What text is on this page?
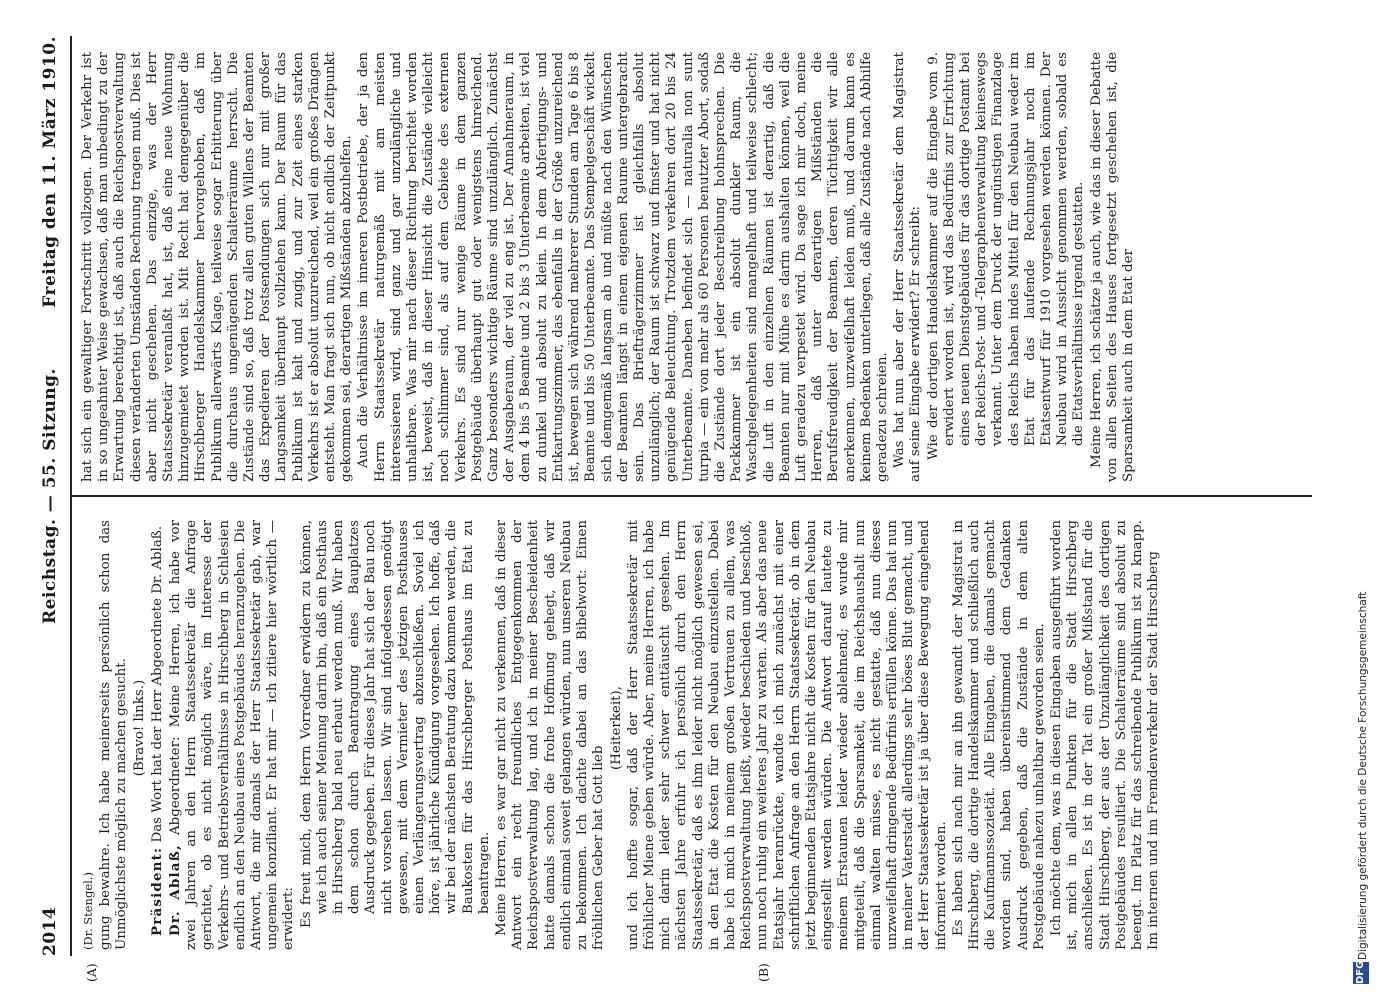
2014
Reichstag. — 55. Sitzung.
Freitag den 11. März 1910.
(A)	(B)
(Dr. Stengel.) gung bewahre. Ich habe meinerseits persönlich schon das Unmöglichste möglich zu machen gesucht. (Bravo! links.)

Präsident: Das Wort hat der Herr Abgeordnete Dr. Ablaß.

Dr. Ablaß, Abgeordneter: Meine Herren, ich habe vor zwei Jahren an den Herrn Staatssekretär die Anfrage gerichtet, ob es nicht möglich wäre, im Interesse der Verkehrs- und Betriebsverhältnisse in Hirschberg in Schlesien endlich an den Neubau eines Postgebäudes heranzugehen. Die Antwort, die mir damals der Herr Staatssekretär gab, war ungemein konziliant. Er hat mir — ich zitiere hier wörtlich — erwidert: Es freut mich, dem Herrn Vorredner erwidern zu können, wie ich auch seiner Meinung darin bin, daß ein Posthaus in Hirschberg bald neu erbaut werden muß. Wir haben dem schon durch Beantragung eines Bauplatzes Ausdruck gegeben. Für dieses Jahr hat sich der Bau noch nicht vorsehen lassen. Wir sind infolgedessen genötigt gewesen, mit dem Vermieter des jetzigen Posthauses einen Verlängerungsvertrag abzuschließen. Soviel ich höre, ist jährliche Kündigung vorgesehen. Ich hoffe, daß wir bei der nächsten Beratung dazu kommen werden, die Baukosten für das Hirschberger Posthaus im Etat zu beantragen. Meine Herren, es war gar nicht zu verkennen, daß in dieser Antwort ein recht freundliches Entgegenkommen der Reichspostverwaltung lag, und ich in meiner Bescheidenheit hatte damals schon die frohe Hoffnung gehegt, daß wir endlich einmal soweit gelangen würden, nun unseren Neubau zu bekommen. Ich dachte dabei an das Bibelwort: Einen fröhlichen Geber hat Gott lieb

(Heiterkeit), und ich hoffte sogar, daß der Herr Staatssekretär mit fröhlicher Miene geben würde. Aber, meine Herren, ich habe mich darin leider sehr schwer enttäuscht gesehen. Im nächsten Jahre erfuhr ich persönlich durch den Herrn Staatssekretär, daß es ihm leider nicht möglich gewesen sei, in den Etat die Kosten für den Neubau einzustellen. Dabei habe ich mich in meinem großen Vertrauen zu allem, was Reichspostverwaltung heißt, wieder beschieden und beschloß, nun noch ruhig ein weiteres Jahr zu warten. Als aber das neue Etatsjahr heranrückte, wandte ich mich zunächst mit einer schriftlichen Anfrage an den Herrn Staatssekretär, ob in dem jetzt beginnenden Etatsjahre nicht die Kosten für den Neubau eingestellt werden würden. Die Antwort darauf lautete zu meinem Erstaunen leider wieder ablehnend; es wurde mir mitgeteilt, daß die Sparsamkeit, die im Reichshaushalt nun einmal walten müsse, es nicht gestatte, daß nun dieses unzweifelhaft dringende Bedürfnis erfüllen könne. Das hat nun in meiner Vaterstadt allerdings sehr böses Blut gemacht, und der Herr Staatssekretär ist ja über diese Bewegung eingehend informiert worden. Es haben sich nach mir an ihn gewandt der Magistrat in Hirschberg, die dortige Handelskammer und schließlich auch die Kaufmannssozietät. Alle Eingaben, die damals gemacht worden sind, haben übereinstimmend dem Gedanken Ausdruck gegeben, daß die Zustände in dem alten Postgebäude nahezu unhaltbar geworden seien. Ich möchte dem, was in diesen Eingaben ausgeführt worden ist, mich in allen Punkten für die Stadt Hirschberg anschließen. Es ist in der Tat ein großer Mißstand für die Stadt Hirschberg, der aus der Unzulänglichkeit des dortigen Postgebäudes resultiert. Die Schalterräume sind absolut zu beengt. Im Platz für das schreibende Publikum ist zu knapp. Im internen und im Fremdenverkehr der Stadt Hirschberg

hat sich ein gewaltiger Fortschritt vollzogen. Der Verkehr ist in so ungeahnter Weise gewachsen, daß man unbedingt zu der Erwartung berechtigt ist, daß auch die Reichspostverwaltung diesen veränderten Umständen Rechnung tragen muß. Dies ist aber nicht geschehen. Das einzige, was der Herr Staatssekretär veranlaßt hat, ist, daß eine neue Wohnung hinzugemietet worden ist. Mit Recht hat demgegenüber die Hirschberger Handelskammer hervorgehoben, daß im Publikum allerwärts Klage, teilweise sogar Erbitterung über die durchaus ungenügenden Schalterräume herrscht. Die Zustände sind so, daß trotz allen guten Willens der Beamten das Expedieren der Postsendungen sich nur mit großer Langsamkeit überhaupt vollziehen kann. Der Raum für das Publikum ist kalt und zugig, und zur Zeit eines starken Verkehrs ist er absolut unzureichend, weil ein großes Drängen entsteht. Man fragt sich nun, ob nicht endlich der Zeitpunkt gekommen sei, derartigen Mißständen abzuhelfen. Auch die Verhältnisse im inneren Postbetriebe, der ja den Herrn Staatssekretär naturgemäß mit am meisten interessieren wird, sind ganz und gar unzulängliche und unhaltbare. Was mir nach dieser Richtung berichtet worden ist, beweist, daß in dieser Hinsicht die Zustände vielleicht noch schlimmer sind, als auf dem Gebiete des externen Verkehrs. Es sind nur wenige Räume in dem ganzen Postgebäude überhaupt gut oder wenigstens hinreichend. Ganz besonders wichtige Räume sind unzulänglich. Zunächst der Ausgaberaum, der viel zu eng ist. Der Annahmeraum, in dem 4 bis 5 Beamte und 2 bis 3 Unterbeamte arbeiten, ist viel zu dunkel und absolut zu klein. In dem Abfertigungs- und Entkartungszimmer, das ebenfalls in der Größe unzureichend ist, bewegen sich während mehrerer Stunden am Tage 6 bis 8 Beamte und bis 50 Unterbeamte. Das Stempelgeschäft wickelt sich demgemäß langsam ab und müßte nach den Wünschen der Beamten längst in einem eigenen Raume untergebracht sein. Das Briefträgerzimmer ist gleichfalls absolut unzulänglich; der Raum ist schwarz und finster und hat nicht genügende Beleuchtung. Trotzdem verkehren dort 20 bis 24 Unterbeamte. Daneben befindet sich — naturalia non sunt turpia — ein von mehr als 60 Personen benutzter Abort, sodaß die Zustände dort jeder Beschreibung hohnsprechen. Die Packkammer ist ein absolut dunkler Raum, die Waschgelegenheiten sind mangelhaft und teilweise schlecht; die Luft in den einzelnen Räumen ist derartig, daß die Beamten nur mit Mühe es darin aushalten können, weil die Luft geradezu verpestet wird. Da sage ich mir doch, meine Herren, daß unter derartigen Mißständen die Berufsfreudigkeit der Beamten, deren Tüchtigkeit wir alle anerkennen, unzweifelhaft leiden muß, und darum kann es keinem Bedenken unterliegen, daß alle Zustände nach Abhilfe geradezu schreien. Was hat nun aber der Herr Staatssekretär dem Magistrat auf seine Eingabe erwidert? Er schreibt: Wie der dortigen Handelskammer auf die Eingabe vom 9. erwidert worden ist, wird das Bedürfnis zur Errichtung eines neuen Dienstgebäudes für das dortige Postamt bei der Reichs-Post- und -Telegraphenverwaltung keineswegs verkannt. Unter dem Druck der ungünstigen Finanzlage des Reichs haben indes Mittel für den Neubau weder im Etat für das laufende Rechnungsjahr noch im Etatsentwurf für 1910 vorgesehen werden können. Der Neubau wird in Aussicht genommen werden, sobald es die Etatsverhältnisse irgend gestatten. Meine Herren, ich schätze ja auch, wie das in dieser Debatte von allen Seiten des Hauses fortgesetzt geschehen ist, die Sparsamkeit auch in dem Etat der

DFG
Digitalisierung gefördert durch die Deutsche Forschungsgemeinschaft
